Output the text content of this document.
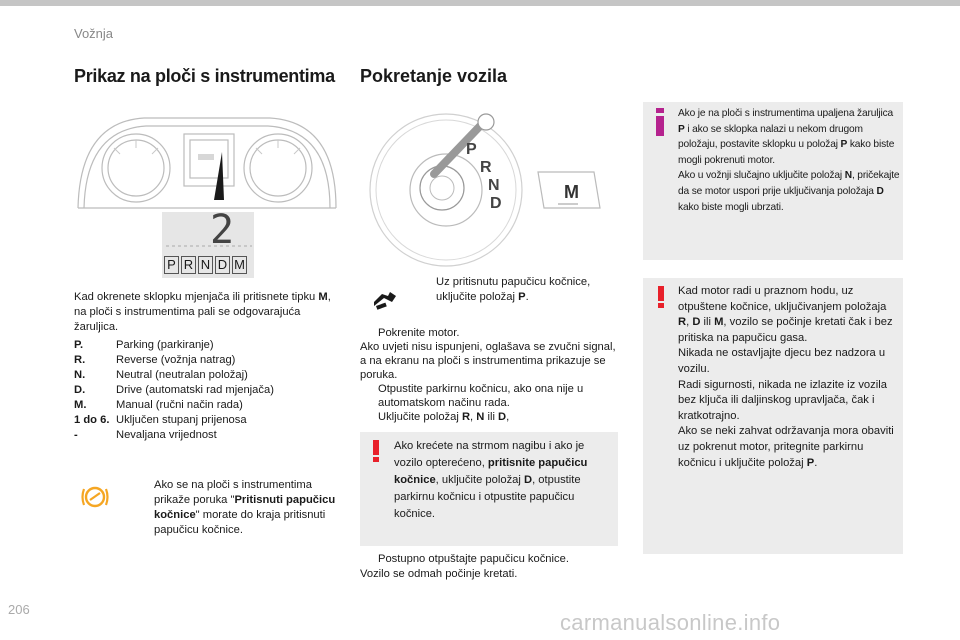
Vožnja
Prikaz na ploči s instrumentima
2
P R N D M
Kad okrenete sklopku mjenjača ili pritisnete tipku M, na ploči s instrumentima pali se odgovarajuća žaruljica.
P.	Parking (parkiranje)
R.	Reverse (vožnja natrag)
N.	Neutral (neutralan položaj)
D.	Drive (automatski rad mjenjača)
M.	Manual (ručni način rada)
1 do 6. Uključen stupanj prijenosa
-	Nevaljana vrijednost
Ako se na ploči s instrumentima prikaže poruka "Pritisnuti papučicu kočnice" morate do kraja pritisnuti papučicu kočnice.
Pokretanje vozila
P
R
N
D
M
Uz pritisnutu papučicu kočnice, uključite položaj P.
Pokrenite motor.
Ako uvjeti nisu ispunjeni, oglašava se zvučni signal, a na ekranu na ploči s instrumentima prikazuje se poruka.
Otpustite parkirnu kočnicu, ako ona nije u automatskom načinu rada.
Uključite položaj R, N ili D,
Ako krećete na strmom nagibu i ako je vozilo opterećeno, pritisnite papučicu kočnice, uključite položaj D, otpustite parkirnu kočnicu i otpustite papučicu kočnice.
Postupno otpuštajte papučicu kočnice.
Vozilo se odmah počinje kretati.
Ako je na ploči s instrumentima upaljena žaruljica P i ako se sklopka nalazi u nekom drugom položaju, postavite sklopku u položaj P kako biste mogli pokrenuti motor.
Ako u vožnji slučajno uključite položaj N, pričekajte da se motor uspori prije uključivanja položaja D kako biste mogli ubrzati.
Kad motor radi u praznom hodu, uz otpuštene kočnice, uključivanjem položaja R, D ili M, vozilo se počinje kretati čak i bez pritiska na papučicu gasa.
Nikada ne ostavljajte djecu bez nadzora u vozilu.
Radi sigurnosti, nikada ne izlazite iz vozila bez ključa ili daljinskog upravljača, čak i kratkotrajno.
Ako se neki zahvat održavanja mora obaviti uz pokrenut motor, pritegnite parkirnu kočnicu i uključite položaj P.
206
carmanualsonline.info
